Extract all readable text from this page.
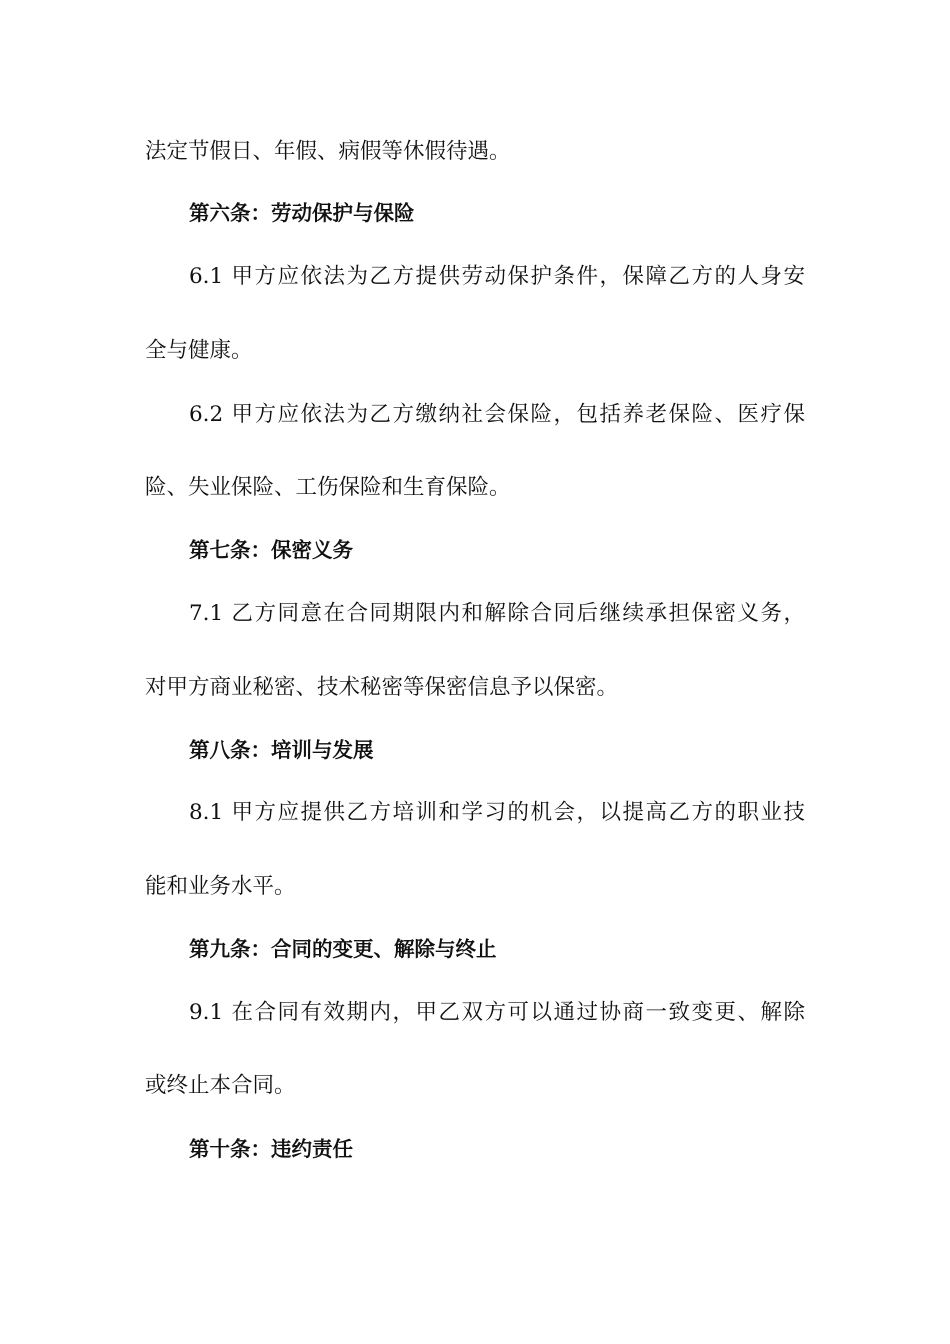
法定节假日、年假、病假等休假待遇。
第六条：劳动保护与保险
6.1 甲方应依法为乙方提供劳动保护条件，保障乙方的人身安
全与健康。
6.2 甲方应依法为乙方缴纳社会保险，包括养老保险、医疗保
险、失业保险、工伤保险和生育保险。
第七条：保密义务
7.1 乙方同意在合同期限内和解除合同后继续承担保密义务，
对甲方商业秘密、技术秘密等保密信息予以保密。
第八条：培训与发展
8.1 甲方应提供乙方培训和学习的机会，以提高乙方的职业技
能和业务水平。
第九条：合同的变更、解除与终止
9.1 在合同有效期内，甲乙双方可以通过协商一致变更、解除
或终止本合同。
第十条：违约责任
